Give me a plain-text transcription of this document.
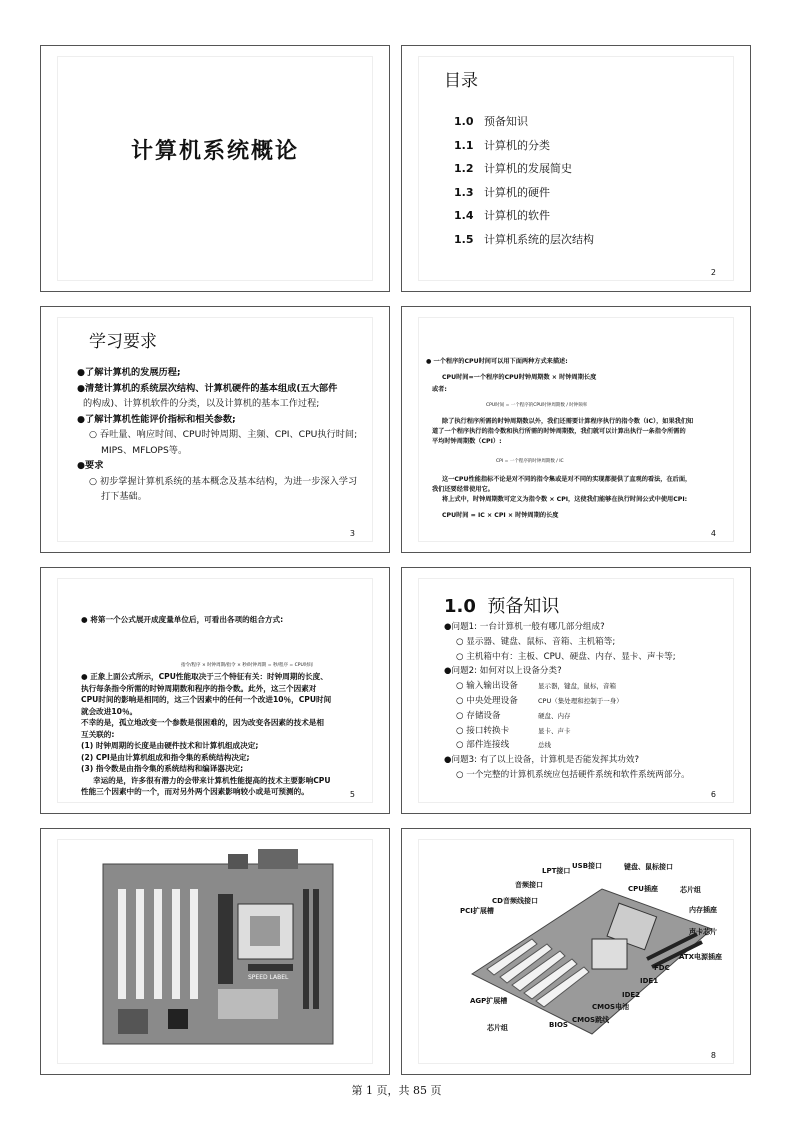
计算机系统概论
目录
1.0 预备知识
1.1 计算机的分类
1.2 计算机的发展简史
1.3 计算机的硬件
1.4 计算机的软件
1.5 计算机系统的层次结构
2
学习要求
●了解计算机的发展历程;
●清楚计算机的系统层次结构、计算机硬件的基本组成(五大部件
的构成)、计算机软件的分类，以及计算机的基本工作过程;
●了解计算机性能评价指标和相关参数;
○ 吞吐量、响应时间、CPU时钟周期、主频、CPI、CPU执行时间;
MIPS、MFLOPS等。
●要求
○ 初步掌握计算机系统的基本概念及基本结构，为进一步深入学习
打下基础。
3
● 一个程序的CPU时间可以用下面两种方式来描述:
CPU时间=一个程序的CPU时钟周期数 × 时钟周期长度
或者:
CPU时间 = 一个程序的CPU时钟周期数 / 时钟频率
除了执行程序所需的时钟周期数以外，我们还需要计算程序执行的指令数（IC），如果我们知
道了一个程序执行的指令数和执行所需的时钟周期数，我们就可以计算出执行一条指令所需的
平均时钟周期数（CPI）:
CPI = 一个程序的时钟周期数 / IC
这一CPU性能指标不论是对不同的指令集或是对不同的实现都提供了直观的看法，在后面，
我们还要经常使用它。
将上式中，时钟周期数可定义为指令数 × CPI，这使我们能够在执行时间公式中使用CPI:
CPU时间 = IC × CPI × 时钟周期的长度
4
● 将第一个公式展开成度量单位后，可看出各项的组合方式:
指令/程序 × 时钟周期/指令 × 秒/时钟周期 = 秒/程序 = CPU时间
● 正象上面公式所示，CPU性能取决于三个特征有关：时钟周期的长度、
执行每条指令所需的时钟周期数和程序的指令数。此外，这三个因素对
CPU时间的影响是相同的，这三个因素中的任何一个改进10％，CPU时间
就会改进10％。
不幸的是，孤立地改变一个参数是很困难的，因为改变各因素的技术是相
互关联的:
(1) 时钟周期的长度是由硬件技术和计算机组成决定;
(2) CPI是由计算机组成和指令集的系统结构决定;
(3) 指令数是由指令集的系统结构和编译器决定;
幸运的是，许多很有潜力的会带来计算机性能提高的技术主要影响CPU
性能三个因素中的一个，而对另外两个因素影响较小或是可预测的。	5
1.0 预备知识
●问题1: 一台计算机一般有哪几部分组成?
○ 显示器、键盘、鼠标、音箱、主机箱等;
○ 主机箱中有：主板、CPU、硬盘、内存、显卡、声卡等;
●问题2: 如何对以上设备分类?
○ 输入输出设备	显示器，键盘，鼠标，音箱
○ 中央处理设备	CPU（集处理和控制于一身）
○ 存储设备	硬盘、内存
○ 接口转换卡	显卡、声卡
○ 部件连接线	总线
●问题3: 有了以上设备，计算机是否能发挥其功效?
○ 一个完整的计算机系统应包括硬件系统和软件系统两部分。
6
SPEED LABEL
USB接口	键盘、鼠标接口
LPT接口
音频接口	CPU插座	芯片组
CD音频线接口
PCI扩展槽	内存插座
声卡芯片
ATX电源插座
FDC
IDE1
IDE2
AGP扩展槽
CMOS电池
CMOS跳线
芯片组	BIOS
8
第 1 页，共 85 页
